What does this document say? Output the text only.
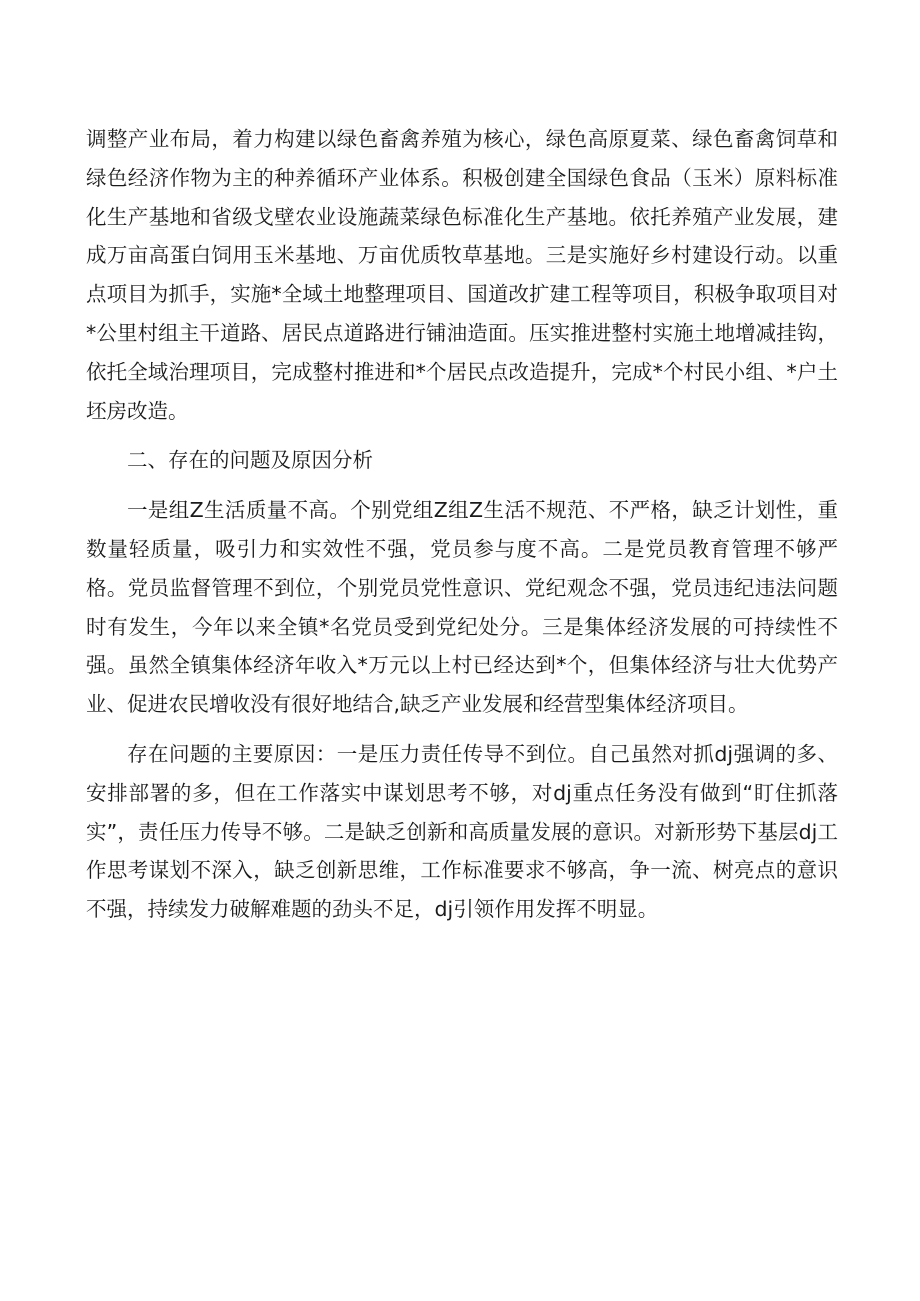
调整产业布局，着力构建以绿色畜禽养殖为核心，绿色高原夏菜、绿色畜禽饲草和绿色经济作物为主的种养循环产业体系。积极创建全国绿色食品（玉米）原料标准化生产基地和省级戈壁农业设施蔬菜绿色标准化生产基地。依托养殖产业发展，建成万亩高蛋白饲用玉米基地、万亩优质牧草基地。三是实施好乡村建设行动。以重点项目为抓手，实施*全域土地整理项目、国道改扩建工程等项目，积极争取项目对*公里村组主干道路、居民点道路进行铺油造面。压实推进整村实施土地增减挂钩，依托全域治理项目，完成整村推进和*个居民点改造提升，完成*个村民小组、*户土坯房改造。

二、存在的问题及原因分析

一是组Z生活质量不高。个别党组Z组Z生活不规范、不严格，缺乏计划性，重数量轻质量，吸引力和实效性不强，党员参与度不高。二是党员教育管理不够严格。党员监督管理不到位，个别党员党性意识、党纪观念不强，党员违纪违法问题时有发生，今年以来全镇*名党员受到党纪处分。三是集体经济发展的可持续性不强。虽然全镇集体经济年收入*万元以上村已经达到*个，但集体经济与壮大优势产业、促进农民增收没有很好地结合,缺乏产业发展和经营型集体经济项目。

存在问题的主要原因：一是压力责任传导不到位。自己虽然对抓dj强调的多、安排部署的多，但在工作落实中谋划思考不够，对dj重点任务没有做到“盯住抓落实”，责任压力传导不够。二是缺乏创新和高质量发展的意识。对新形势下基层dj工作思考谋划不深入，缺乏创新思维，工作标准要求不够高，争一流、树亮点的意识不强，持续发力破解难题的劲头不足，dj引领作用发挥不明显。
